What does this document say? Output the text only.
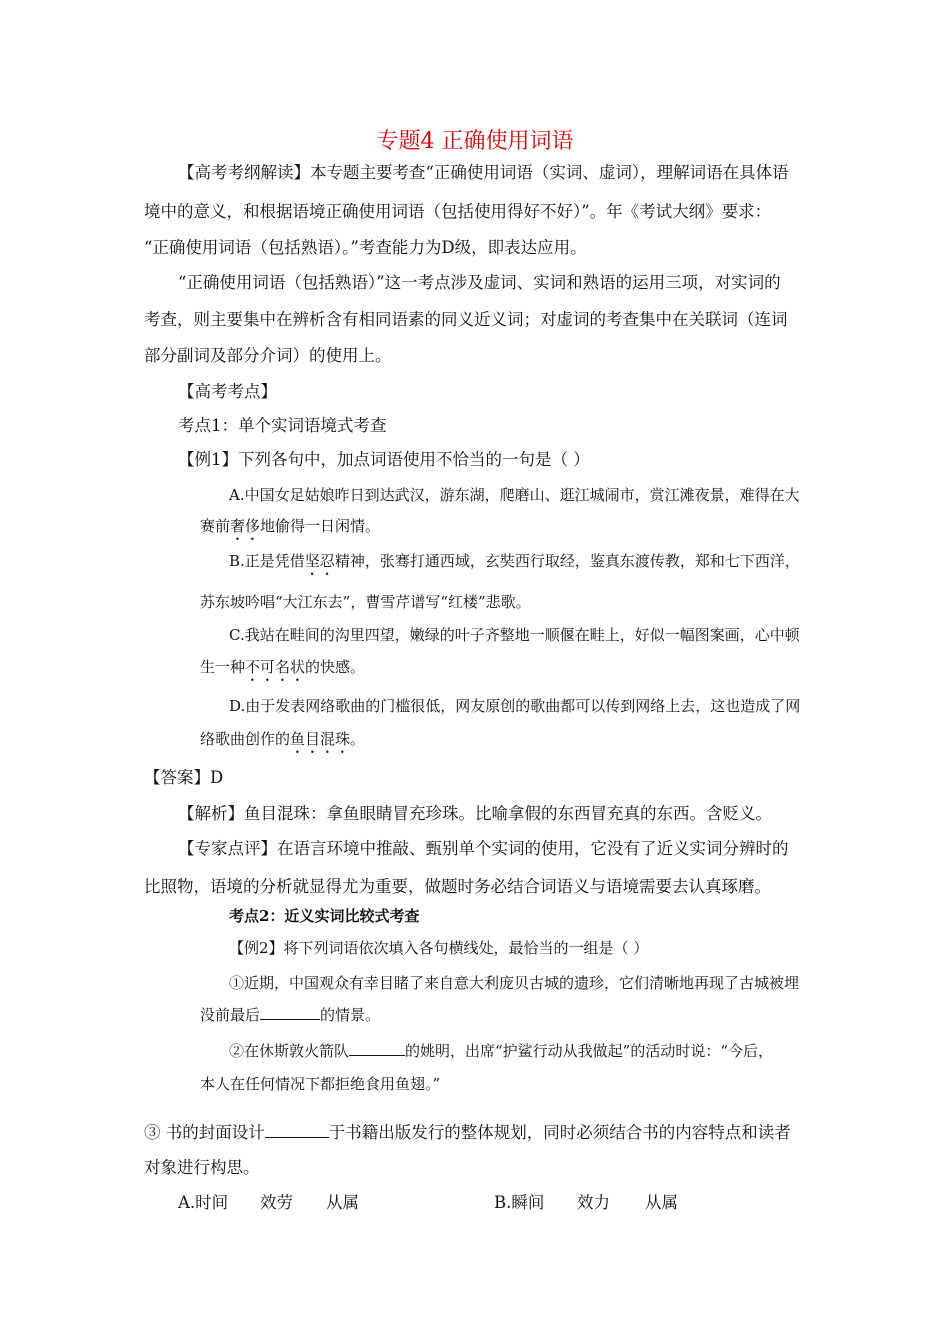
专题4 正确使用词语
【高考考纲解读】本专题主要考查“正确使用词语（实词、虚词），理解词语在具体语
境中的意义，和根据语境正确使用词语（包括使用得好不好）”。年《考试大纲》要求：
“正确使用词语（包括熟语）。”考查能力为D级，即表达应用。
“正确使用词语（包括熟语）”这一考点涉及虚词、实词和熟语的运用三项，对实词的
考查，则主要集中在辨析含有相同语素的同义近义词；对虚词的考查集中在关联词（连词
部分副词及部分介词）的使用上。
【高考考点】
考点1：单个实词语境式考查
【例1】下列各句中，加点词语使用不恰当的一句是（ ）
A.中国女足姑娘昨日到达武汉，游东湖，爬磨山、逛江城闹市，赏江滩夜景，难得在大
赛前奢侈地偷得一日闲情。
B.正是凭借坚忍精神，张骞打通西域，玄奘西行取经，鉴真东渡传教，郑和七下西洋，
苏东坡吟唱“大江东去”，曹雪芹谱写“红楼”悲歌。
C.我站在畦间的沟里四望，嫩绿的叶子齐整地一顺偃在畦上，好似一幅图案画，心中顿
生一种不可名状的快感。
D.由于发表网络歌曲的门槛很低，网友原创的歌曲都可以传到网络上去，这也造成了网
络歌曲创作的鱼目混珠。
【答案】D
【解析】鱼目混珠：拿鱼眼睛冒充珍珠。比喻拿假的东西冒充真的东西。含贬义。
【专家点评】在语言环境中推敲、甄别单个实词的使用，它没有了近义实词分辨时的
比照物，语境的分析就显得尤为重要，做题时务必结合词语义与语境需要去认真琢磨。
考点2：近义实词比较式考查
【例2】将下列词语依次填入各句横线处，最恰当的一组是（ ）
①近期，中国观众有幸目睹了来自意大利庞贝古城的遗珍，它们清晰地再现了古城被埋
没前最后	的情景。
②在休斯敦火箭队	的姚明，出席“护鲨行动从我做起”的活动时说：“今后，
本人在任何情况下都拒绝食用鱼翅。”
③ 书的封面设计	于书籍出版发行的整体规划，同时必须结合书的内容特点和读者
对象进行构思。
A.时间 效劳 从属	B.瞬间 效力 从属
